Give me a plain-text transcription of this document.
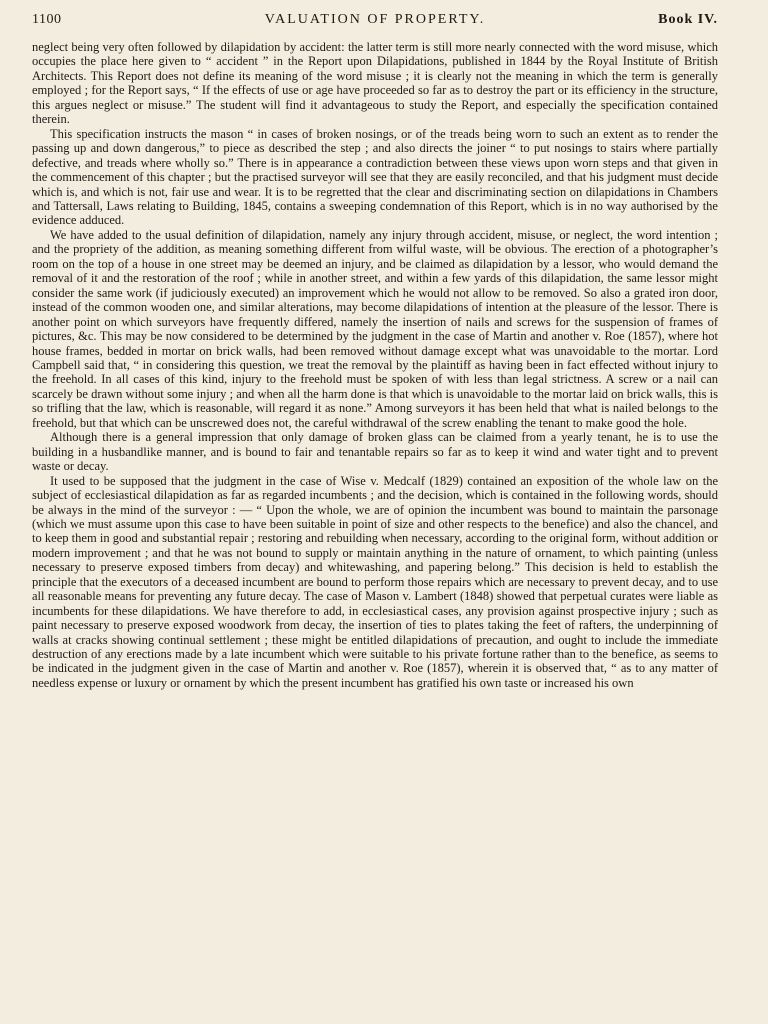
1100	VALUATION OF PROPERTY.	Book IV.

neglect being very often followed by dilapidation by accident: the latter term is still more nearly connected with the word misuse, which occupies the place here given to “ accident ” in the Report upon Dilapidations, published in 1844 by the Royal Institute of British Architects. This Report does not define its meaning of the word misuse ; it is clearly not the meaning in which the term is generally employed ; for the Report says, “ If the effects of use or age have proceeded so far as to destroy the part or its efficiency in the structure, this argues neglect or misuse.” The student will find it advantageous to study the Report, and especially the specification contained therein.

This specification instructs the mason “ in cases of broken nosings, or of the treads being worn to such an extent as to render the passing up and down dangerous,” to piece as described the step ; and also directs the joiner “ to put nosings to stairs where partially defective, and treads where wholly so.” There is in appearance a contradiction between these views upon worn steps and that given in the commencement of this chapter ; but the practised surveyor will see that they are easily reconciled, and that his judgment must decide which is, and which is not, fair use and wear. It is to be regretted that the clear and discriminating section on dilapidations in Chambers and Tattersall, Laws relating to Building, 1845, contains a sweeping condemnation of this Report, which is in no way authorised by the evidence adduced.

We have added to the usual definition of dilapidation, namely any injury through accident, misuse, or neglect, the word intention ; and the propriety of the addition, as meaning something different from wilful waste, will be obvious. The erection of a photographer’s room on the top of a house in one street may be deemed an injury, and be claimed as dilapidation by a lessor, who would demand the removal of it and the restoration of the roof ; while in another street, and within a few yards of this dilapidation, the same lessor might consider the same work (if judiciously executed) an improvement which he would not allow to be removed. So also a grated iron door, instead of the common wooden one, and similar alterations, may become dilapidations of intention at the pleasure of the lessor. There is another point on which surveyors have frequently differed, namely the insertion of nails and screws for the suspension of frames of pictures, &c. This may be now considered to be determined by the judgment in the case of Martin and another v. Roe (1857), where hot house frames, bedded in mortar on brick walls, had been removed without damage except what was unavoidable to the mortar. Lord Campbell said that, “ in considering this question, we treat the removal by the plaintiff as having been in fact effected without injury to the freehold. In all cases of this kind, injury to the freehold must be spoken of with less than legal strictness. A screw or a nail can scarcely be drawn without some injury ; and when all the harm done is that which is unavoidable to the mortar laid on brick walls, this is so trifling that the law, which is reasonable, will regard it as none.” Among surveyors it has been held that what is nailed belongs to the freehold, but that which can be unscrewed does not, the careful withdrawal of the screw enabling the tenant to make good the hole.

Although there is a general impression that only damage of broken glass can be claimed from a yearly tenant, he is to use the building in a husbandlike manner, and is bound to fair and tenantable repairs so far as to keep it wind and water tight and to prevent waste or decay.

It used to be supposed that the judgment in the case of Wise v. Medcalf (1829) contained an exposition of the whole law on the subject of ecclesiastical dilapidation as far as regarded incumbents ; and the decision, which is contained in the following words, should be always in the mind of the surveyor : — “ Upon the whole, we are of opinion the incumbent was bound to maintain the parsonage (which we must assume upon this case to have been suitable in point of size and other respects to the benefice) and also the chancel, and to keep them in good and substantial repair ; restoring and rebuilding when necessary, according to the original form, without addition or modern improvement ; and that he was not bound to supply or maintain anything in the nature of ornament, to which painting (unless necessary to preserve exposed timbers from decay) and whitewashing, and papering belong.” This decision is held to establish the principle that the executors of a deceased incumbent are bound to perform those repairs which are necessary to prevent decay, and to use all reasonable means for preventing any future decay. The case of Mason v. Lambert (1848) showed that perpetual curates were liable as incumbents for these dilapidations. We have therefore to add, in ecclesiastical cases, any provision against prospective injury ; such as paint necessary to preserve exposed woodwork from decay, the insertion of ties to plates taking the feet of rafters, the underpinning of walls at cracks showing continual settlement ; these might be entitled dilapidations of precaution, and ought to include the immediate destruction of any erections made by a late incumbent which were suitable to his private fortune rather than to the benefice, as seems to be indicated in the judgment given in the case of Martin and another v. Roe (1857), wherein it is observed that, “ as to any matter of needless expense or luxury or ornament by which the present incumbent has gratified his own taste or increased his own
